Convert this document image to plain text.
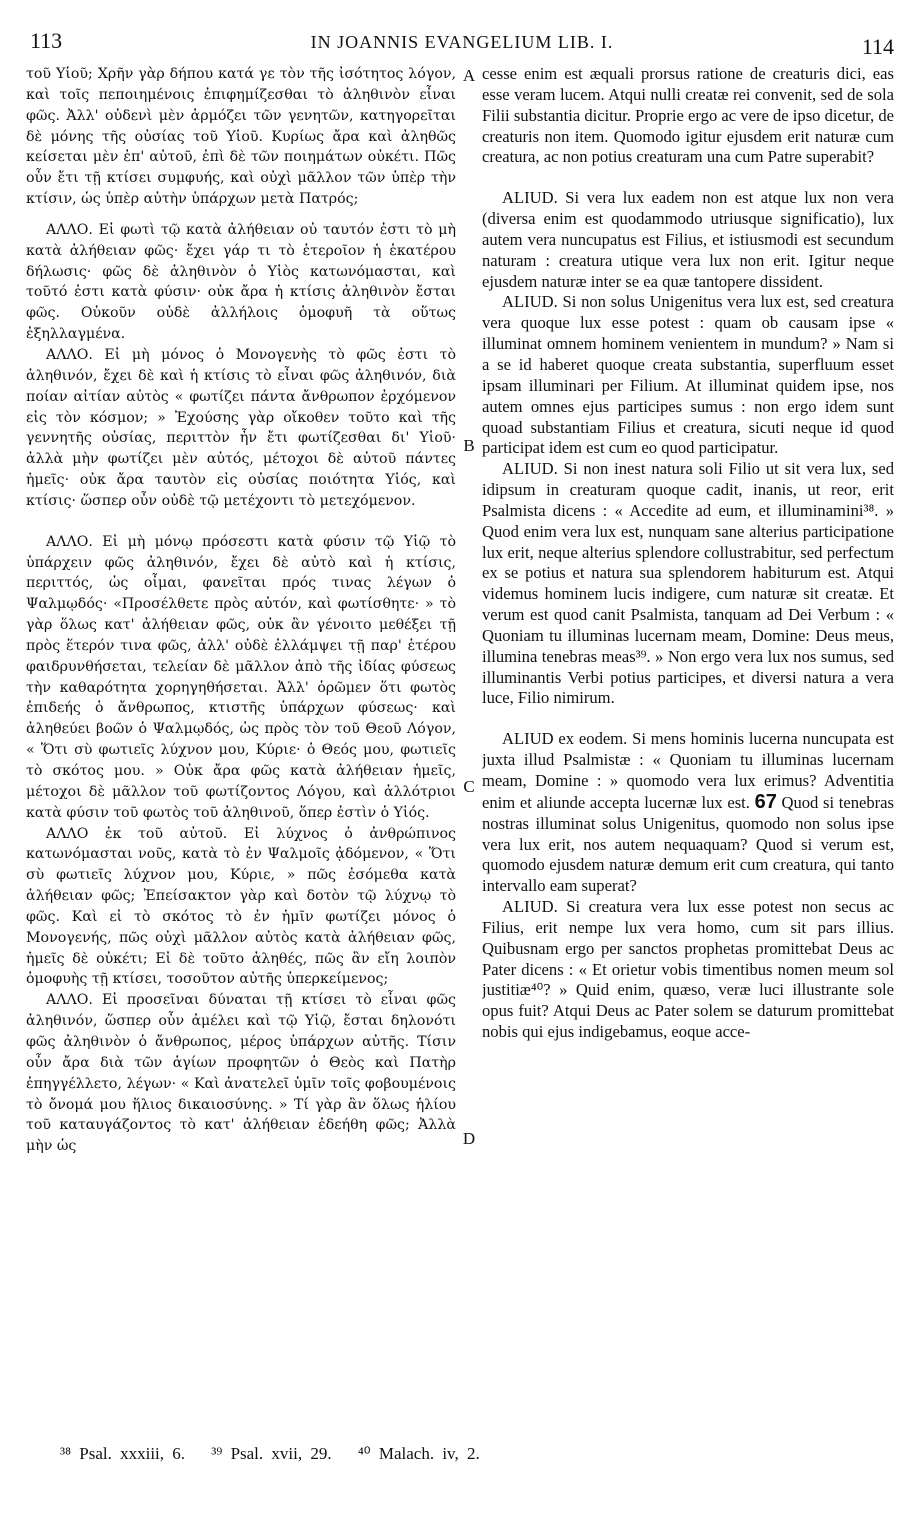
113	IN JOANNIS EVANGELIUM LIB. I.	114

τοῦ Υἱοῦ; Χρῆν γὰρ δήπου κατά γε τὸν τῆς ἰσότητος λόγον, καὶ τοῖς πεποιημένοις ἐπιφημίζεσθαι τὸ ἀληθινὸν εἶναι φῶς. Ἀλλ' οὐδενὶ μὲν ἁρμόζει τῶν γενητῶν, κατηγορεῖται δὲ μόνης τῆς οὐσίας τοῦ Υἱοῦ. Κυρίως ἄρα καὶ ἀληθῶς κείσεται μὲν ἐπ' αὐτοῦ, ἐπὶ δὲ τῶν ποιημάτων οὐκέτι. Πῶς οὖν ἔτι τῇ κτίσει συμφυής, καὶ οὐχὶ μᾶλλον τῶν ὑπὲρ τὴν κτίσιν, ὡς ὑπὲρ αὐτὴν ὑπάρχων μετὰ Πατρός;

ΑΛΛΟ. Εἰ φωτὶ τῷ κατὰ ἀλήθειαν οὐ ταυτόν ἐστι τὸ μὴ κατὰ ἀλήθειαν φῶς· ἔχει γάρ τι τὸ ἑτεροῖον ἡ ἑκατέρου δήλωσις· φῶς δὲ ἀληθινὸν ὁ Υἱὸς κατωνόμασται, καὶ τοῦτό ἐστι κατὰ φύσιν· οὐκ ἄρα ἡ κτίσις ἀληθινὸν ἔσται φῶς. Οὐκοῦν οὐδὲ ἀλλήλοις ὁμοφυῆ τὰ οὕτως ἐξηλλαγμένα.

ΑΛΛΟ. Εἰ μὴ μόνος ὁ Μονογενὴς τὸ φῶς ἐστι τὸ ἀληθινόν, ἔχει δὲ καὶ ἡ κτίσις τὸ εἶναι φῶς ἀληθινόν, διὰ ποίαν αἰτίαν αὐτὸς « φωτίζει πάντα ἄνθρωπον ἐρχόμενον εἰς τὸν κόσμον; » Ἐχούσης γὰρ οἴκοθεν τοῦτο καὶ τῆς γεννητῆς οὐσίας, περιττὸν ἦν ἔτι φωτίζεσθαι δι' Υἱοῦ· ἀλλὰ μὴν φωτίζει μὲν αὐτός, μέτοχοι δὲ αὐτοῦ πάντες ἡμεῖς· οὐκ ἄρα ταυτὸν εἰς οὐσίας ποιότητα Υἱός, καὶ κτίσις· ὥσπερ οὖν οὐδὲ τῷ μετέχοντι τὸ μετεχόμενον.

ΑΛΛΟ. Εἰ μὴ μόνῳ πρόσεστι κατὰ φύσιν τῷ Υἱῷ τὸ ὑπάρχειν φῶς ἀληθινόν, ἔχει δὲ αὐτὸ καὶ ἡ κτίσις, περιττός, ὡς οἶμαι, φανεῖται πρός τινας λέγων ὁ Ψαλμῳδός· «Προσέλθετε πρὸς αὐτόν, καὶ φωτίσθητε· » τὸ γὰρ ὅλως κατ' ἀλήθειαν φῶς, οὐκ ἂν γένοιτο μεθέξει τῇ πρὸς ἕτερόν τινα φῶς, ἀλλ' οὐδὲ ἐλλάμψει τῇ παρ' ἑτέρου φαιδρυνθήσεται, τελείαν δὲ μᾶλλον ἀπὸ τῆς ἰδίας φύσεως τὴν καθαρότητα χορηγηθήσεται. Ἀλλ' ὁρῶμεν ὅτι φωτὸς ἐπιδεής ὁ ἄνθρωπος, κτιστῆς ὑπάρχων φύσεως· καὶ ἀληθεύει βοῶν ὁ Ψαλμῳδός, ὡς πρὸς τὸν τοῦ Θεοῦ Λόγον, « Ὅτι σὺ φωτιεῖς λύχνον μου, Κύριε· ὁ Θεός μου, φωτιεῖς τὸ σκότος μου. » Οὐκ ἄρα φῶς κατὰ ἀλήθειαν ἡμεῖς, μέτοχοι δὲ μᾶλλον τοῦ φωτίζοντος Λόγου, καὶ ἀλλότριοι κατὰ φύσιν τοῦ φωτὸς τοῦ ἀληθινοῦ, ὅπερ ἐστὶν ὁ Υἱός.

ΑΛΛΟ ἐκ τοῦ αὐτοῦ. Εἰ λύχνος ὁ ἀνθρώπινος κατωνόμασται νοῦς, κατὰ τὸ ἐν Ψαλμοῖς ᾀδόμενον, « Ὅτι σὺ φωτιεῖς λύχνον μου, Κύριε, » πῶς ἐσόμεθα κατὰ ἀλήθειαν φῶς; Ἐπείσακτον γὰρ καὶ δοτὸν τῷ λύχνῳ τὸ φῶς. Καὶ εἰ τὸ σκότος τὸ ἐν ἡμῖν φωτίζει μόνος ὁ Μονογενής, πῶς οὐχὶ μᾶλλον αὐτὸς κατὰ ἀλήθειαν φῶς, ἡμεῖς δὲ οὐκέτι; Εἰ δὲ τοῦτο ἀληθές, πῶς ἂν εἴη λοιπὸν ὁμοφυὴς τῇ κτίσει, τοσοῦτον αὐτῆς ὑπερκείμενος;

ΑΛΛΟ. Εἰ προσεῖναι δύναται τῇ κτίσει τὸ εἶναι φῶς ἀληθινόν, ὥσπερ οὖν ἀμέλει καὶ τῷ Υἱῷ, ἔσται δηλονότι φῶς ἀληθινὸν ὁ ἄνθρωπος, μέρος ὑπάρχων αὐτῆς. Τίσιν οὖν ἄρα διὰ τῶν ἁγίων προφητῶν ὁ Θεὸς καὶ Πατὴρ ἐπηγγέλλετο, λέγων· « Καὶ ἀνατελεῖ ὑμῖν τοῖς φοβουμένοις τὸ ὄνομά μου ἥλιος δικαιοσύνης. » Τί γὰρ ἂν ὅλως ἡλίου τοῦ καταυγάζοντος τὸ κατ' ἀλήθειαν ἐδεήθη φῶς; Ἀλλὰ μὴν ὡς

A
B
C
D

cesse enim est æquali prorsus ratione de creaturis dici, eas esse veram lucem. Atqui nulli creatæ rei convenit, sed de sola Filii substantia dicitur. Proprie ergo ac vere de ipso dicetur, de creaturis non item. Quomodo igitur ejusdem erit naturæ cum creatura, ac non potius creaturam una cum Patre superabit?

ALIUD. Si vera lux eadem non est atque lux non vera (diversa enim est quodammodo utriusque significatio), lux autem vera nuncupatus est Filius, et istiusmodi est secundum naturam : creatura utique vera lux non erit. Igitur neque ejusdem naturæ inter se ea quæ tantopere dissident.

ALIUD. Si non solus Unigenitus vera lux est, sed creatura vera quoque lux esse potest : quam ob causam ipse « illuminat omnem hominem venientem in mundum? » Nam si a se id haberet quoque creata substantia, superfluum esset ipsam illuminari per Filium. At illuminat quidem ipse, nos autem omnes ejus participes sumus : non ergo idem sunt quoad substantiam Filius et creatura, sicuti neque id quod participat idem est cum eo quod participatur.

ALIUD. Si non inest natura soli Filio ut sit vera lux, sed idipsum in creaturam quoque cadit, inanis, ut reor, erit Psalmista dicens : « Accedite ad eum, et illuminamini³⁸. » Quod enim vera lux est, nunquam sane alterius participatione lux erit, neque alterius splendore collustrabitur, sed perfectum ex se potius et natura sua splendorem habiturum est. Atqui videmus hominem lucis indigere, cum naturæ sit creatæ. Et verum est quod canit Psalmista, tanquam ad Dei Verbum : « Quoniam tu illuminas lucernam meam, Domine: Deus meus, illumina tenebras meas³⁹. » Non ergo vera lux nos sumus, sed illuminantis Verbi potius participes, et diversi natura a vera luce, Filio nimirum.

ALIUD ex eodem. Si mens hominis lucerna nuncupata est juxta illud Psalmistæ : « Quoniam tu illuminas lucernam meam, Domine : » quomodo vera lux erimus? Adventitia enim et aliunde accepta lucernæ lux est. 67 Quod si tenebras nostras illuminat solus Unigenitus, quomodo non solus ipse vera lux erit, nos autem nequaquam? Quod si verum est, quomodo ejusdem naturæ demum erit cum creatura, qui tanto intervallo eam superat?

ALIUD. Si creatura vera lux esse potest non secus ac Filius, erit nempe lux vera homo, cum sit pars illius. Quibusnam ergo per sanctos prophetas promittebat Deus ac Pater dicens : « Et orietur vobis timentibus nomen meum sol justitiæ⁴⁰? » Quid enim, quæso, veræ luci illustrante sole opus fuit? Atqui Deus ac Pater solem se daturum promittebat nobis qui ejus indigebamus, eoque acce-

³⁸ Psal. xxxiii, 6. ³⁹ Psal. xvii, 29. ⁴⁰ Malach. iv, 2.
